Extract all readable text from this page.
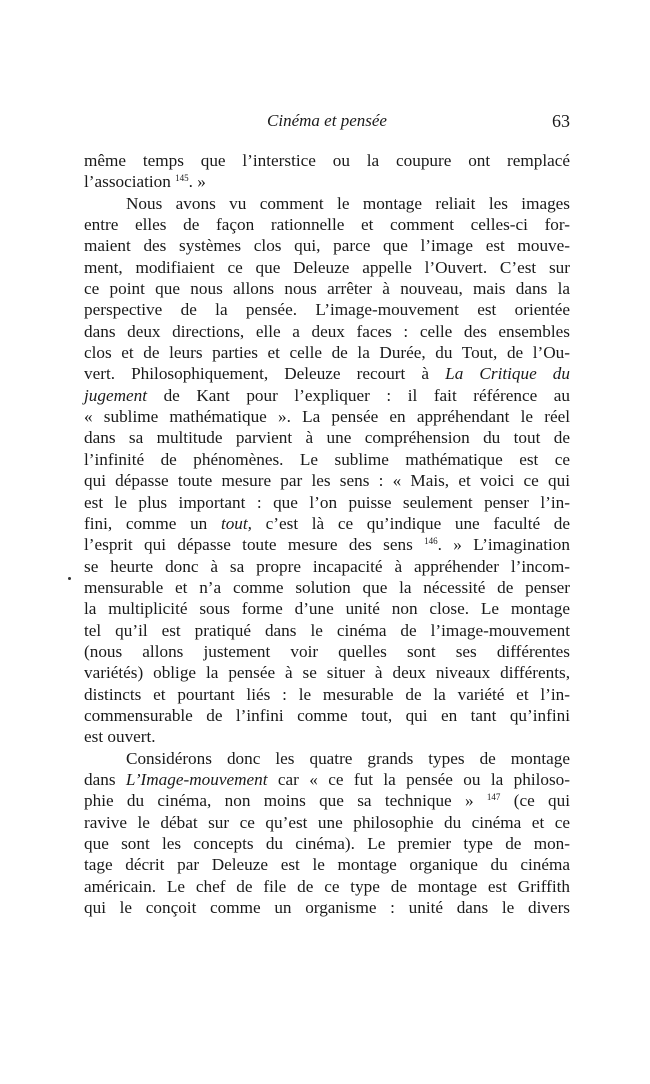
Cinéma et pensée	63
même temps que l’interstice ou la coupure ont remplacé
l’association $^{145}$. »
Nous avons vu comment le montage reliait les images
entre elles de façon rationnelle et comment celles-ci for-
maient des systèmes clos qui, parce que l’image est mouve-
ment, modifiaient ce que Deleuze appelle l’Ouvert. C’est sur
ce point que nous allons nous arrêter à nouveau, mais dans la
perspective de la pensée. L’image-mouvement est orientée
dans deux directions, elle a deux faces : celle des ensembles
clos et de leurs parties et celle de la Durée, du Tout, de l’Ou-
vert. Philosophiquement, Deleuze recourt à La Critique du
jugement de Kant pour l’expliquer : il fait référence au
« sublime mathématique ». La pensée en appréhendant le réel
dans sa multitude parvient à une compréhension du tout de
l’infinité de phénomènes. Le sublime mathématique est ce
qui dépasse toute mesure par les sens : « Mais, et voici ce qui
est le plus important : que l’on puisse seulement penser l’in-
fini, comme un tout, c’est là ce qu’indique une faculté de
l’esprit qui dépasse toute mesure des sens $^{146}$. » L’imagination
se heurte donc à sa propre incapacité à appréhender l’incom-
mensurable et n’a comme solution que la nécessité de penser
la multiplicité sous forme d’une unité non close. Le montage
tel qu’il est pratiqué dans le cinéma de l’image-mouvement
(nous allons justement voir quelles sont ses différentes
variétés) oblige la pensée à se situer à deux niveaux différents,
distincts et pourtant liés : le mesurable de la variété et l’in-
commensurable de l’infini comme tout, qui en tant qu’infini
est ouvert.
Considérons donc les quatre grands types de montage
dans L’Image-mouvement car « ce fut la pensée ou la philoso-
phie du cinéma, non moins que sa technique » $^{147}$ (ce qui
ravive le débat sur ce qu’est une philosophie du cinéma et ce
que sont les concepts du cinéma). Le premier type de mon-
tage décrit par Deleuze est le montage organique du cinéma
américain. Le chef de file de ce type de montage est Griffith
qui le conçoit comme un organisme : unité dans le divers
